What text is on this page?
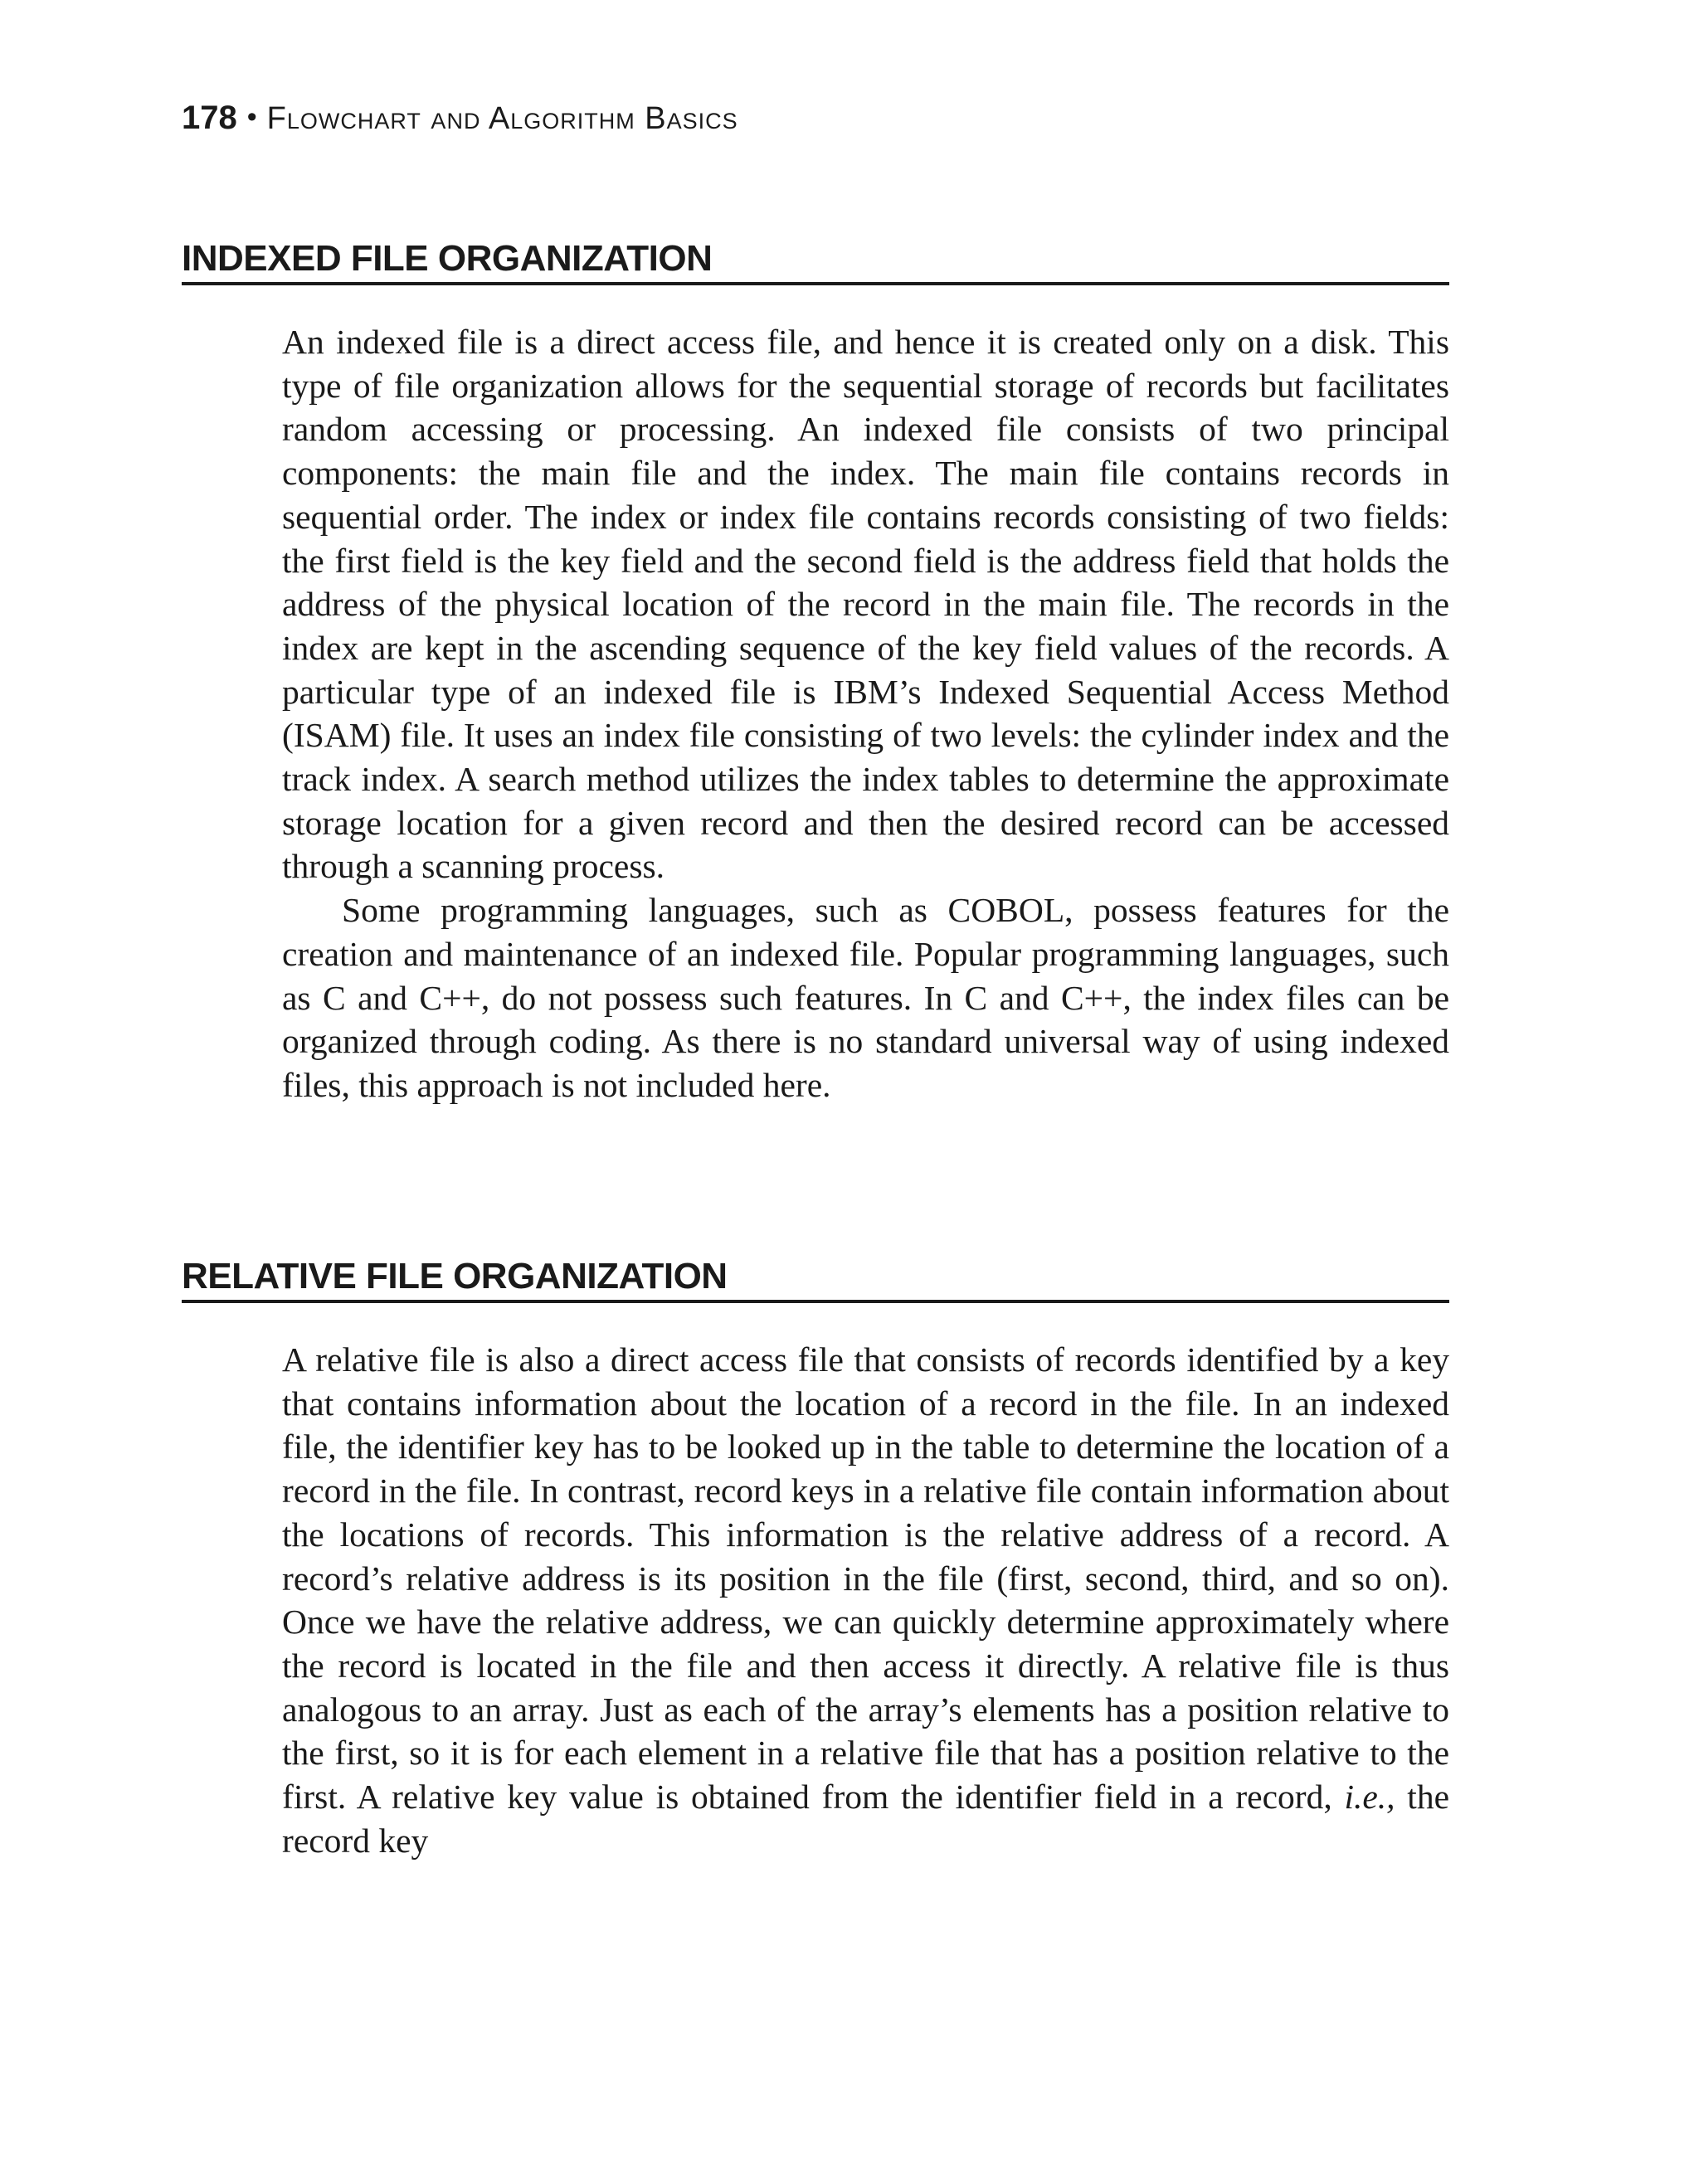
178 • Flowchart and Algorithm Basics
INDEXED FILE ORGANIZATION

An indexed file is a direct access file, and hence it is created only on a disk. This type of file organization allows for the sequential storage of records but facilitates random accessing or processing. An indexed file consists of two principal components: the main file and the index. The main file contains records in sequential order. The index or index file contains records consisting of two fields: the first field is the key field and the second field is the address field that holds the address of the physical location of the record in the main file. The records in the index are kept in the ascending sequence of the key field values of the records. A particular type of an indexed file is IBM’s Indexed Sequential Access Method (ISAM) file. It uses an index file consisting of two levels: the cylinder index and the track index. A search method utilizes the index tables to determine the approximate storage location for a given record and then the desired record can be accessed through a scanning process.

Some programming languages, such as COBOL, possess features for the creation and maintenance of an indexed file. Popular programming languages, such as C and C++, do not possess such features. In C and C++, the index files can be organized through coding. As there is no standard universal way of using indexed files, this approach is not included here.

RELATIVE FILE ORGANIZATION

A relative file is also a direct access file that consists of records identified by a key that contains information about the location of a record in the file. In an indexed file, the identifier key has to be looked up in the table to determine the location of a record in the file. In contrast, record keys in a relative file contain information about the locations of records. This information is the relative address of a record. A record’s relative address is its position in the file (first, second, third, and so on). Once we have the relative address, we can quickly determine approximately where the record is located in the file and then access it directly. A relative file is thus analogous to an array. Just as each of the array’s elements has a position relative to the first, so it is for each element in a relative file that has a position relative to the first. A relative key value is obtained from the identifier field in a record, i.e., the record key
